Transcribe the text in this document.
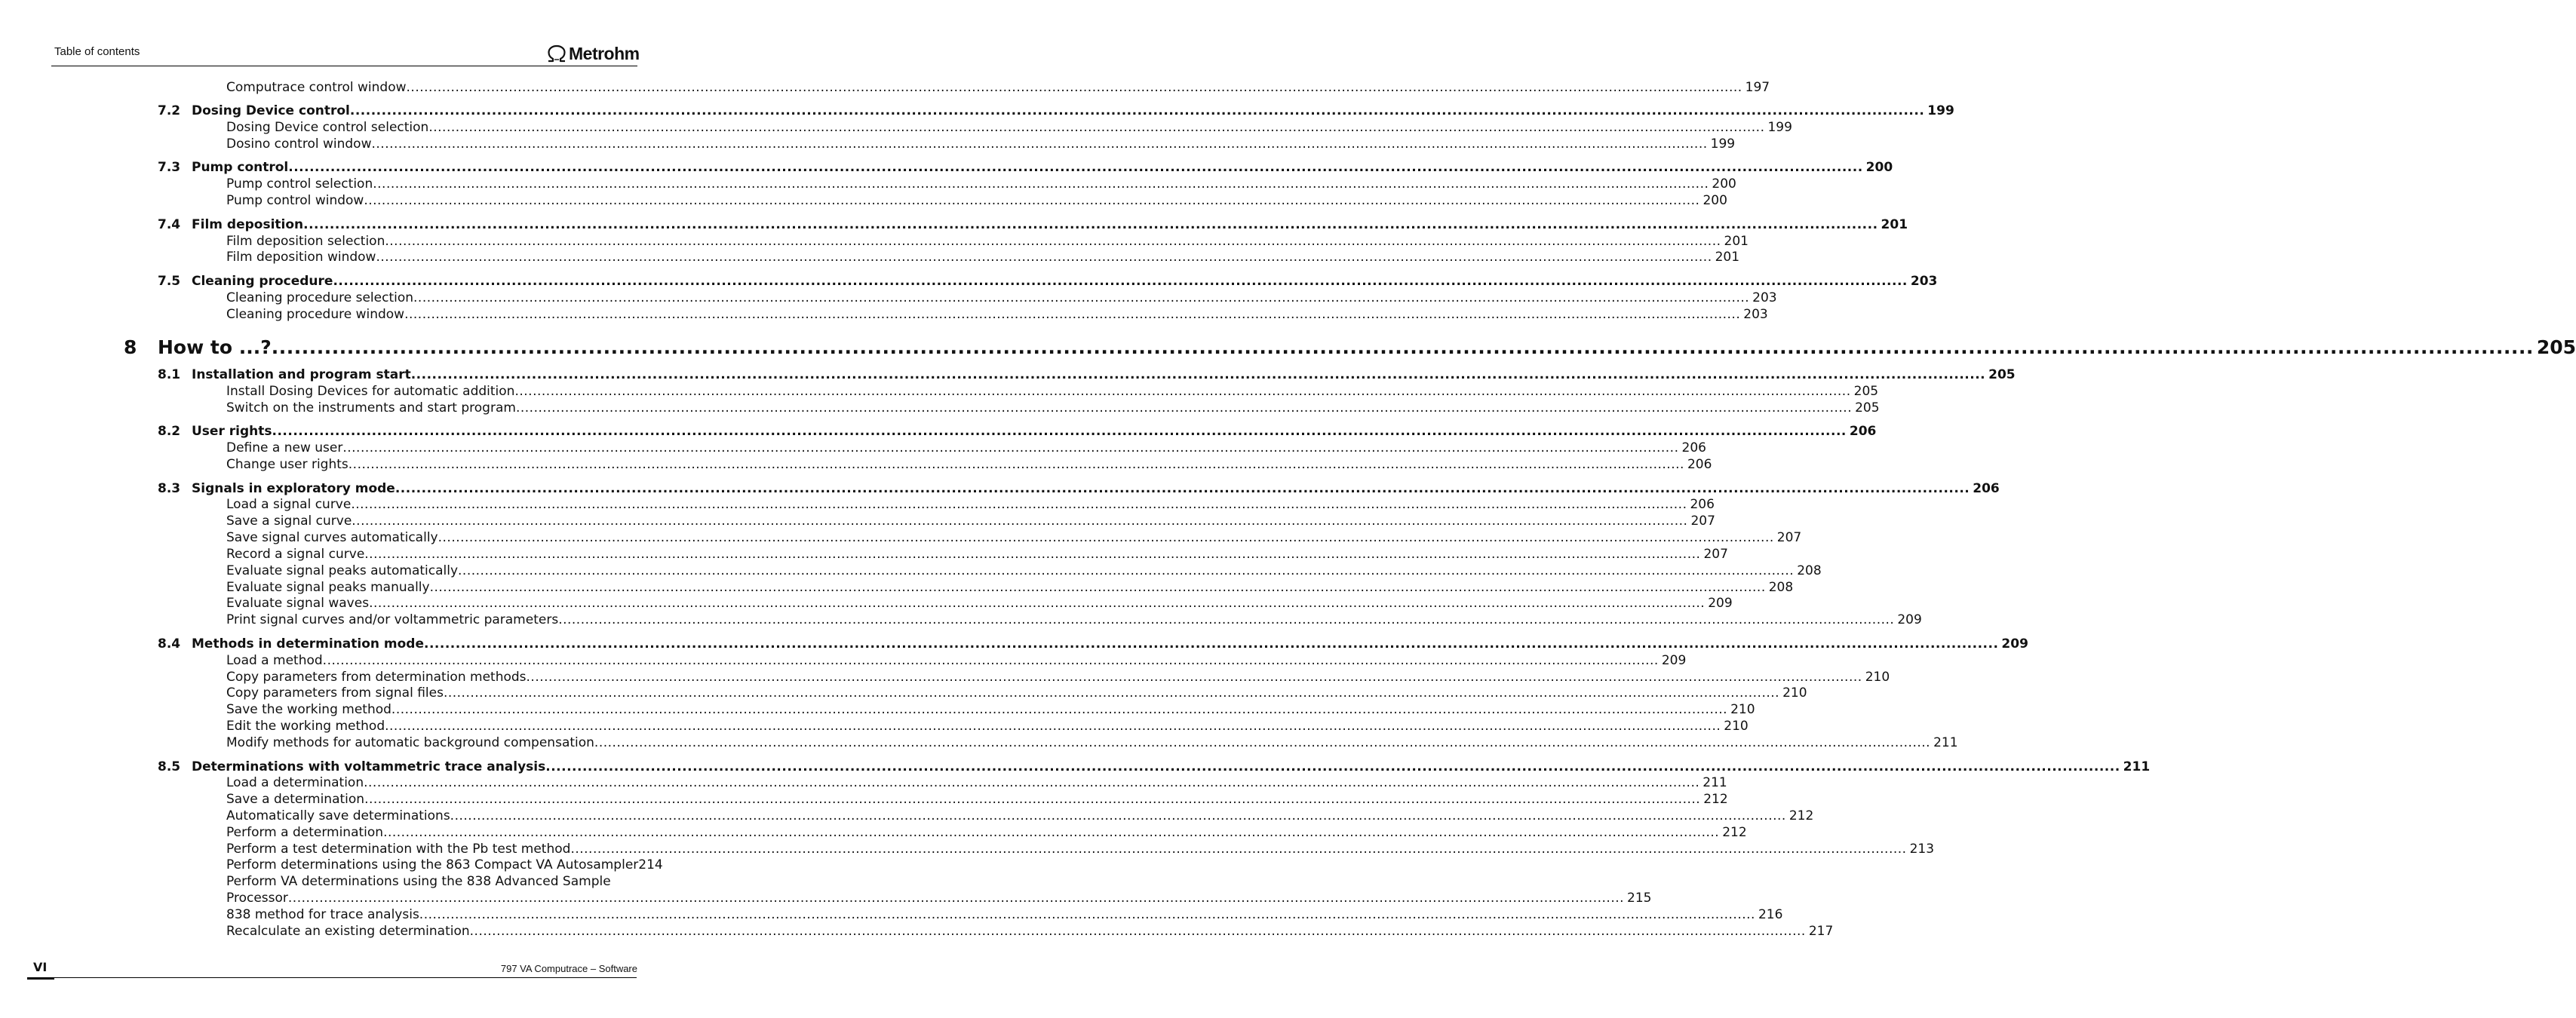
Table of contents	Metrohm
Computrace control window ............................................................................................................................................................................................................................................................................................................ 197
7.2 Dosing Device control ............................................................................................................................................................................................................................................................................................................ 199
Dosing Device control selection ............................................................................................................................................................................................................................................................................................................ 199
Dosino control window ............................................................................................................................................................................................................................................................................................................ 199
7.3 Pump control ............................................................................................................................................................................................................................................................................................................ 200
Pump control selection ............................................................................................................................................................................................................................................................................................................ 200
Pump control window ............................................................................................................................................................................................................................................................................................................ 200
7.4 Film deposition ............................................................................................................................................................................................................................................................................................................ 201
Film deposition selection ............................................................................................................................................................................................................................................................................................................ 201
Film deposition window ............................................................................................................................................................................................................................................................................................................ 201
7.5 Cleaning procedure ............................................................................................................................................................................................................................................................................................................ 203
Cleaning procedure selection ............................................................................................................................................................................................................................................................................................................ 203
Cleaning procedure window ............................................................................................................................................................................................................................................................................................................ 203
8 How to ...? ............................................................................................................................................................................................................................................................................................................ 205
8.1 Installation and program start ............................................................................................................................................................................................................................................................................................................ 205
Install Dosing Devices for automatic addition ............................................................................................................................................................................................................................................................................................................ 205
Switch on the instruments and start program ............................................................................................................................................................................................................................................................................................................ 205
8.2 User rights ............................................................................................................................................................................................................................................................................................................ 206
Define a new user ............................................................................................................................................................................................................................................................................................................ 206
Change user rights ............................................................................................................................................................................................................................................................................................................ 206
8.3 Signals in exploratory mode ............................................................................................................................................................................................................................................................................................................ 206
Load a signal curve ............................................................................................................................................................................................................................................................................................................ 206
Save a signal curve ............................................................................................................................................................................................................................................................................................................ 207
Save signal curves automatically ............................................................................................................................................................................................................................................................................................................ 207
Record a signal curve ............................................................................................................................................................................................................................................................................................................ 207
Evaluate signal peaks automatically ............................................................................................................................................................................................................................................................................................................ 208
Evaluate signal peaks manually ............................................................................................................................................................................................................................................................................................................ 208
Evaluate signal waves ............................................................................................................................................................................................................................................................................................................ 209
Print signal curves and/or voltammetric parameters ............................................................................................................................................................................................................................................................................................................ 209
8.4 Methods in determination mode ............................................................................................................................................................................................................................................................................................................ 209
Load a method ............................................................................................................................................................................................................................................................................................................ 209
Copy parameters from determination methods ............................................................................................................................................................................................................................................................................................................ 210
Copy parameters from signal files ............................................................................................................................................................................................................................................................................................................ 210
Save the working method ............................................................................................................................................................................................................................................................................................................ 210
Edit the working method ............................................................................................................................................................................................................................................................................................................ 210
Modify methods for automatic background compensation ............................................................................................................................................................................................................................................................................................................ 211
8.5 Determinations with voltammetric trace analysis ............................................................................................................................................................................................................................................................................................................ 211
Load a determination ............................................................................................................................................................................................................................................................................................................ 211
Save a determination ............................................................................................................................................................................................................................................................................................................ 212
Automatically save determinations ............................................................................................................................................................................................................................................................................................................ 212
Perform a determination ............................................................................................................................................................................................................................................................................................................ 212
Perform a test determination with the Pb test method ............................................................................................................................................................................................................................................................................................................ 213
Perform determinations using the 863 Compact VA Autosampler214
Perform VA determinations using the 838 Advanced Sample
Processor ............................................................................................................................................................................................................................................................................................................ 215
838 method for trace analysis ............................................................................................................................................................................................................................................................................................................ 216
Recalculate an existing determination ............................................................................................................................................................................................................................................................................................................ 217
VI	797 VA Computrace – Software
